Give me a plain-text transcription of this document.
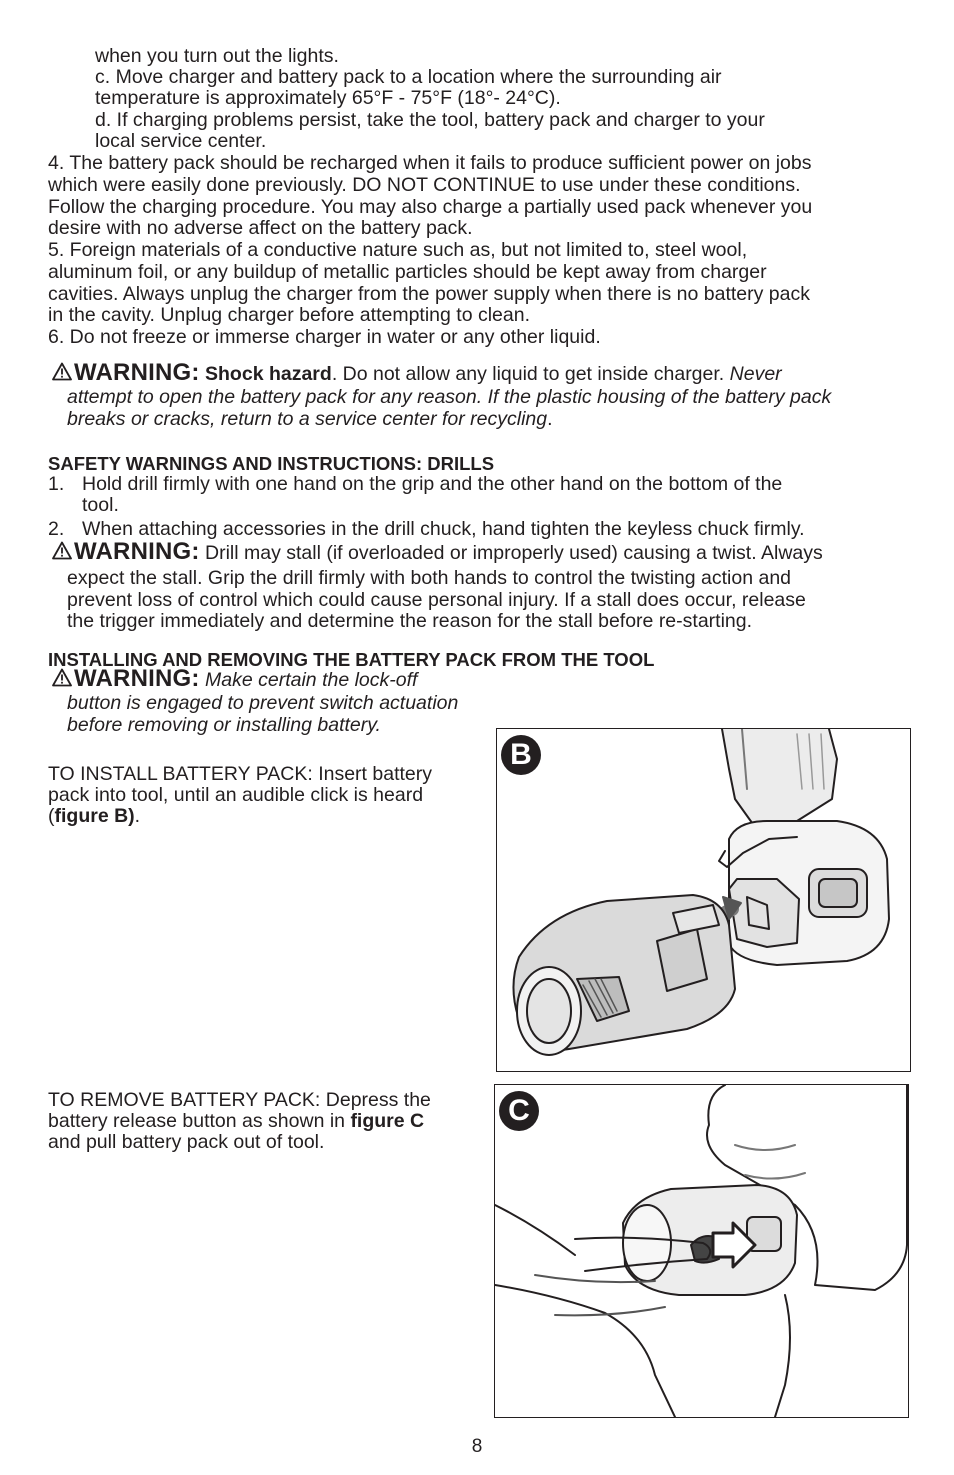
when you turn out the lights.
c. Move charger and battery pack to a location where the surrounding air
temperature is approximately 65°F - 75°F (18°- 24°C).
d. If charging problems persist, take the tool, battery pack and charger to your
local service center.
4. The battery pack should be recharged when it fails to produce sufficient power on jobs
which were easily done previously. DO NOT CONTINUE to use under these conditions.
Follow the charging procedure. You may also charge a partially used pack whenever you
desire with no adverse affect on the battery pack.
5. Foreign materials of a conductive nature such as, but not limited to, steel wool,
aluminum foil, or any buildup of metallic particles should be kept away from charger
cavities. Always unplug the charger from the power supply when there is no battery pack
in the cavity. Unplug charger before attempting to clean.
6. Do not freeze or immerse charger in water or any other liquid.
WARNING: Shock hazard. Do not allow any liquid to get inside charger. Never
attempt to open the battery pack for any reason. If the plastic housing of the battery pack
breaks or cracks, return to a service center for recycling.
SAFETY WARNINGS AND INSTRUCTIONS: DRILLS
1. Hold drill firmly with one hand on the grip and the other hand on the bottom of the
tool.
2. When attaching accessories in the drill chuck, hand tighten the keyless chuck firmly.
WARNING: Drill may stall (if overloaded or improperly used) causing a twist. Always
expect the stall. Grip the drill firmly with both hands to control the twisting action and
prevent loss of control which could cause personal injury. If a stall does occur, release
the trigger immediately and determine the reason for the stall before re-starting.
INSTALLING AND REMOVING THE BATTERY PACK FROM THE TOOL
WARNING: Make certain the lock-off
button is engaged to prevent switch actuation
before removing or installing battery.
TO INSTALL BATTERY PACK: Insert battery
pack into tool, until an audible click is heard
(figure B).
TO REMOVE BATTERY PACK: Depress the
battery release button as shown in figure C
and pull battery pack out of tool.
B
C
8
